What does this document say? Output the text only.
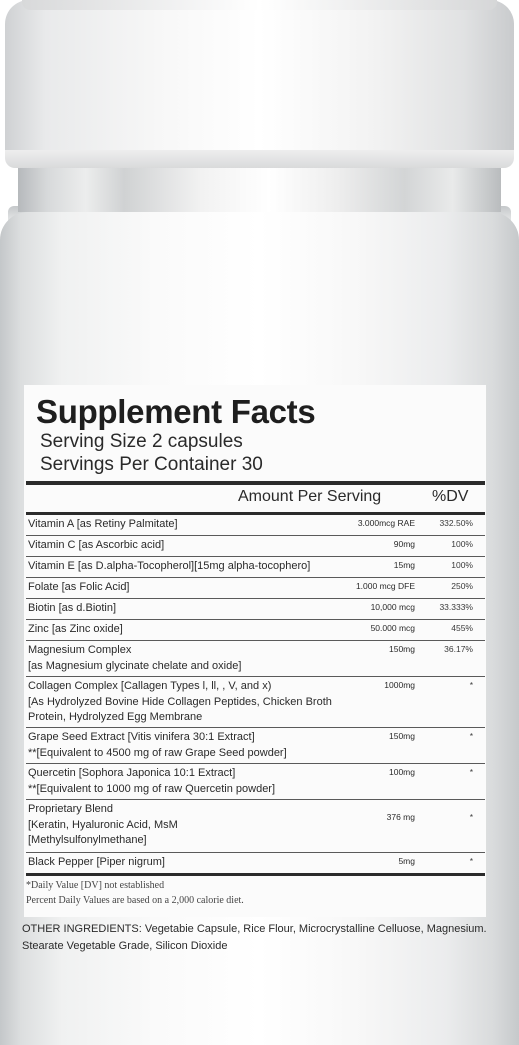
Supplement Facts
Serving Size 2 capsules
Servings Per Container 30
Amount Per Serving	%DV
Vitamin A [as Retiny Palmitate]	3.000mcg RAE	332.50%
Vitamin C [as Ascorbic acid]	90mg	100%
Vitamin E [as D.alpha-Tocopherol][15mg alpha-tocophero]	15mg	100%
Folate [as Folic Acid]	1.000 mcg DFE	250%
Biotin [as d.Biotin]	10,000 mcg	33.333%
Zinc [as Zinc oxide]	50.000 mcg	455%
Magnesium Complex
[as Magnesium glycinate chelate and oxide]
150mg	36.17%
Collagen Complex [Callagen Types l, ll, , V, and x)
[As Hydrolyzed Bovine Hide Collagen Peptides, Chicken Broth
Protein, Hydrolyzed Egg Membrane
1000mg	*
Grape Seed Extract [Vitis vinifera 30:1 Extract]
**[Equivalent to 4500 mg of raw Grape Seed powder]
150mg	*
Quercetin [Sophora Japonica 10:1 Extract]
**[Equivalent to 1000 mg of raw Quercetin powder]
100mg	*
Proprietary Blend
[Keratin, Hyaluronic Acid, MsM
[Methylsulfonylmethane]
376 mg	*
Black Pepper [Piper nigrum]	5mg	*
*Daily Value [DV] not established
Percent Daily Values are based on a 2,000 calorie diet.
OTHER INGREDIENTS: Vegetabie Capsule, Rice Flour, Microcrystalline Celluose, Magnesium. Stearate Vegetable Grade, Silicon Dioxide
